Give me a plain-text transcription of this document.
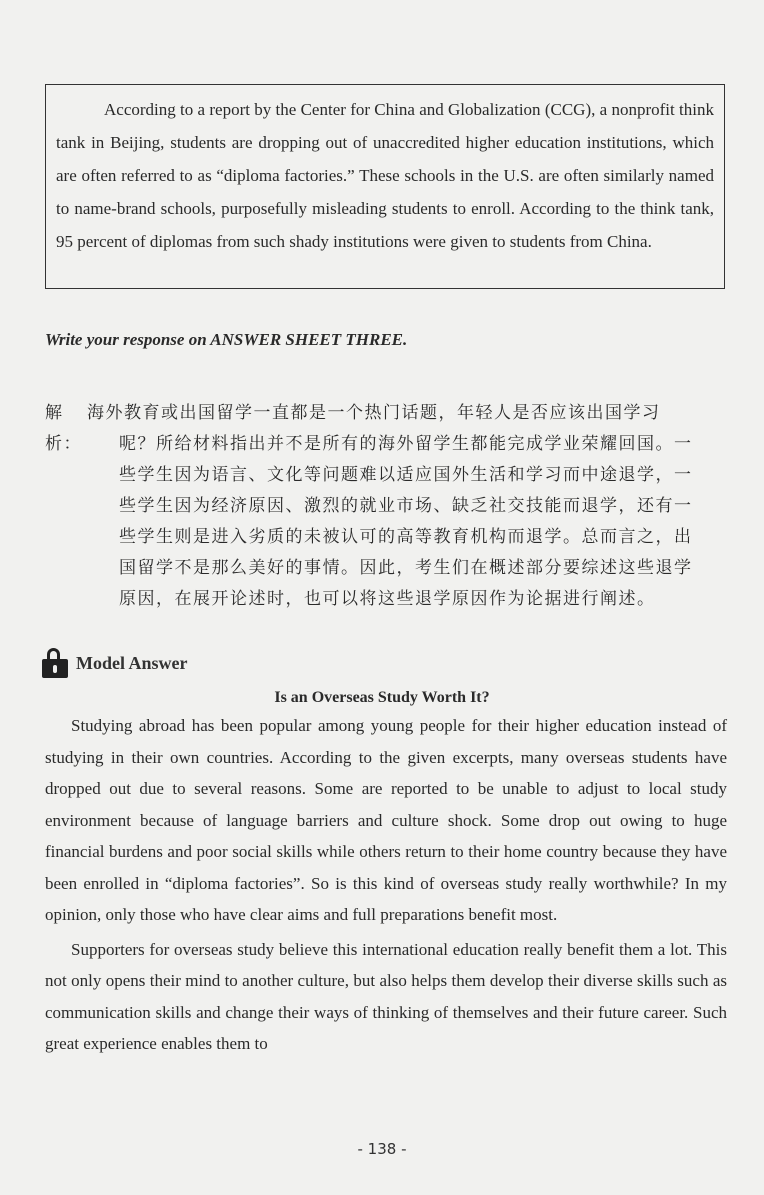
According to a report by the Center for China and Globalization (CCG), a nonprofit think tank in Beijing, students are dropping out of unaccredited higher education institutions, which are often referred to as “diploma factories.” These schools in the U.S. are often similarly named to name-brand schools, purposefully misleading students to enroll. According to the think tank, 95 percent of diplomas from such shady institutions were given to students from China.
Write your response on ANSWER SHEET THREE.
解析：
海外教育或出国留学一直都是一个热门话题，年轻人是否应该出国学习
呢？所给材料指出并不是所有的海外留学生都能完成学业荣耀回国。一
些学生因为语言、文化等问题难以适应国外生活和学习而中途退学，一
些学生因为经济原因、激烈的就业市场、缺乏社交技能而退学，还有一
些学生则是进入劣质的未被认可的高等教育机构而退学。总而言之，出
国留学不是那么美好的事情。因此，考生们在概述部分要综述这些退学
原因，在展开论述时，也可以将这些退学原因作为论据进行阐述。
Model Answer
Is an Overseas Study Worth It?

Studying abroad has been popular among young people for their higher education instead of studying in their own countries. According to the given excerpts, many overseas students have dropped out due to several reasons. Some are reported to be unable to adjust to local study environment because of language barriers and culture shock. Some drop out owing to huge financial burdens and poor social skills while others return to their home country because they have been enrolled in “diploma factories”. So is this kind of overseas study really worthwhile? In my opinion, only those who have clear aims and full preparations benefit most.

Supporters for overseas study believe this international education really benefit them a lot. This not only opens their mind to another culture, but also helps them develop their diverse skills such as communication skills and change their ways of thinking of themselves and their future career. Such great experience enables them to

- 138 -
